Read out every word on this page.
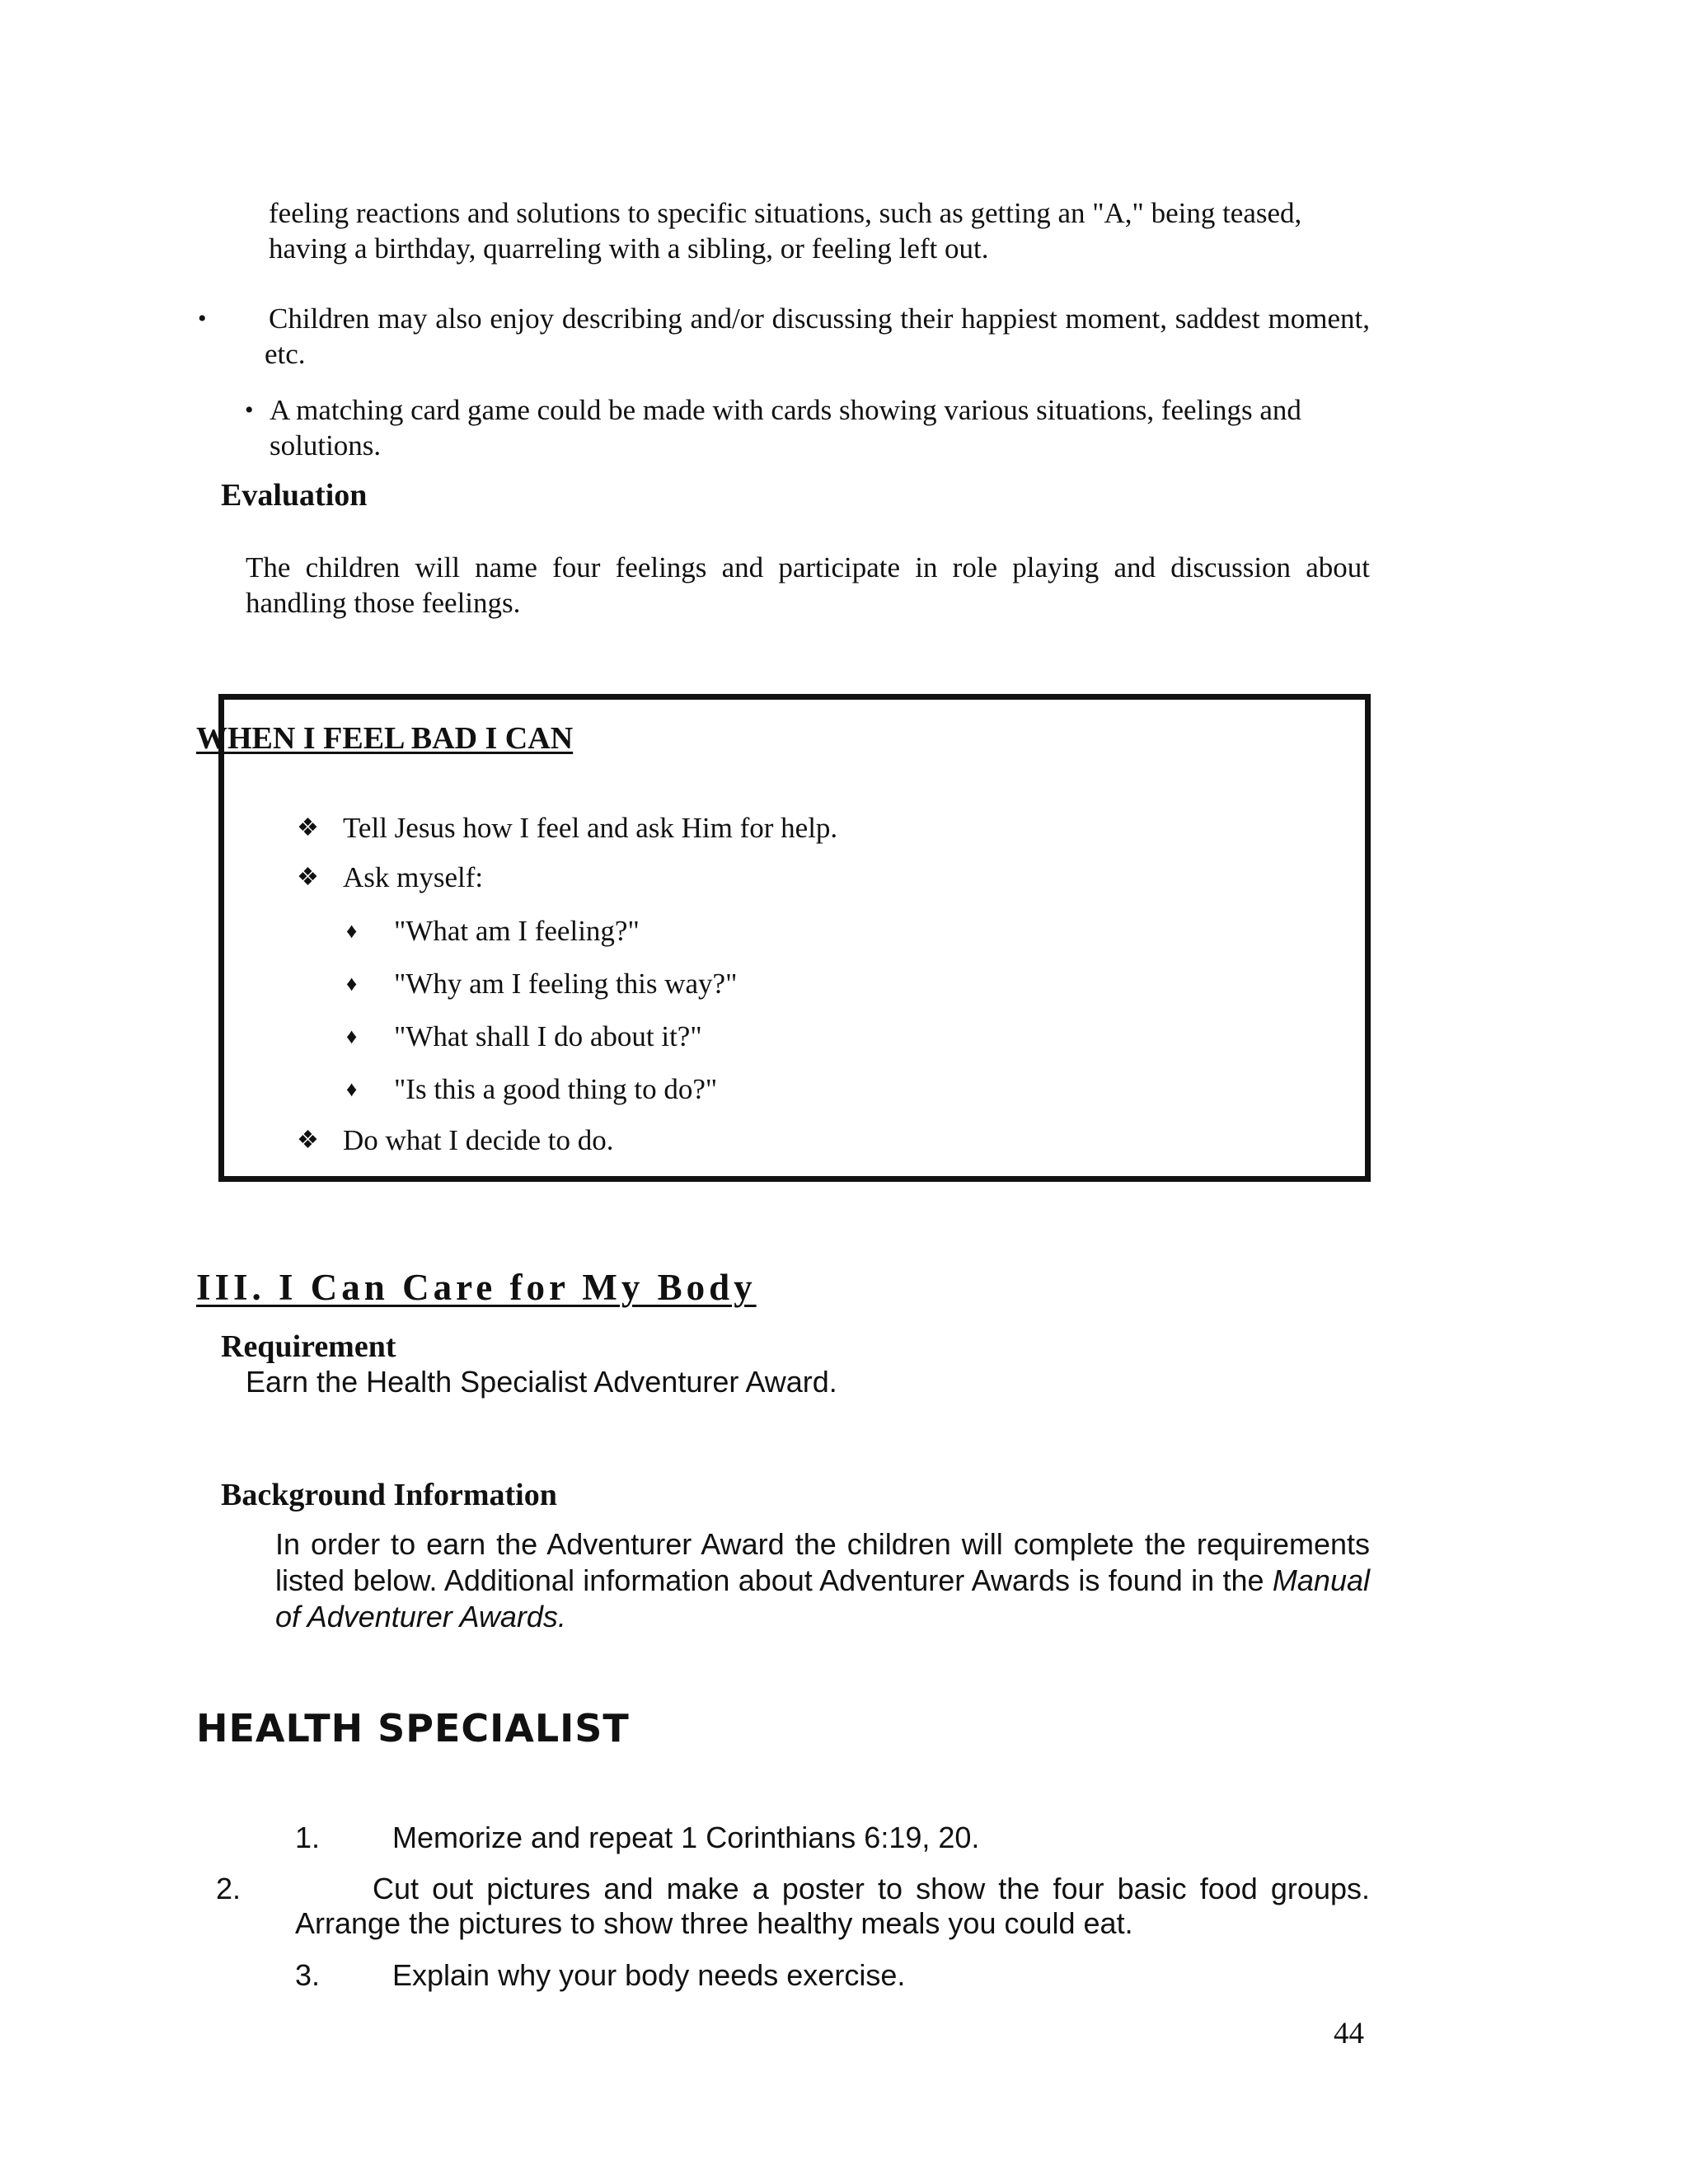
feeling reactions and solutions to specific situations, such as getting an "A," being teased, having a birthday, quarreling with a sibling, or feeling left out.
• Children may also enjoy describing and/or discussing their happiest moment, saddest moment, etc.
• A matching card game could be made with cards showing various situations, feelings and solutions.
Evaluation
The children will name four feelings and participate in role playing and discussion about handling those feelings.
WHEN I FEEL BAD I CAN
❖ Tell Jesus how I feel and ask Him for help.
❖ Ask myself:
♦ "What am I feeling?"
♦ "Why am I feeling this way?"
♦ "What shall I do about it?"
♦ "Is this a good thing to do?"
❖ Do what I decide to do.
III. I Can Care for My Body
Requirement
Earn the Health Specialist Adventurer Award.
Background Information
In order to earn the Adventurer Award the children will complete the requirements listed below. Additional information about Adventurer Awards is found in the Manual of Adventurer Awards.
HEALTH SPECIALIST
1. Memorize and repeat 1 Corinthians 6:19, 20.
2.	Cut out pictures and make a poster to show the four basic food groups.
Arrange the pictures to show three healthy meals you could eat.
3. Explain why your body needs exercise.
44
